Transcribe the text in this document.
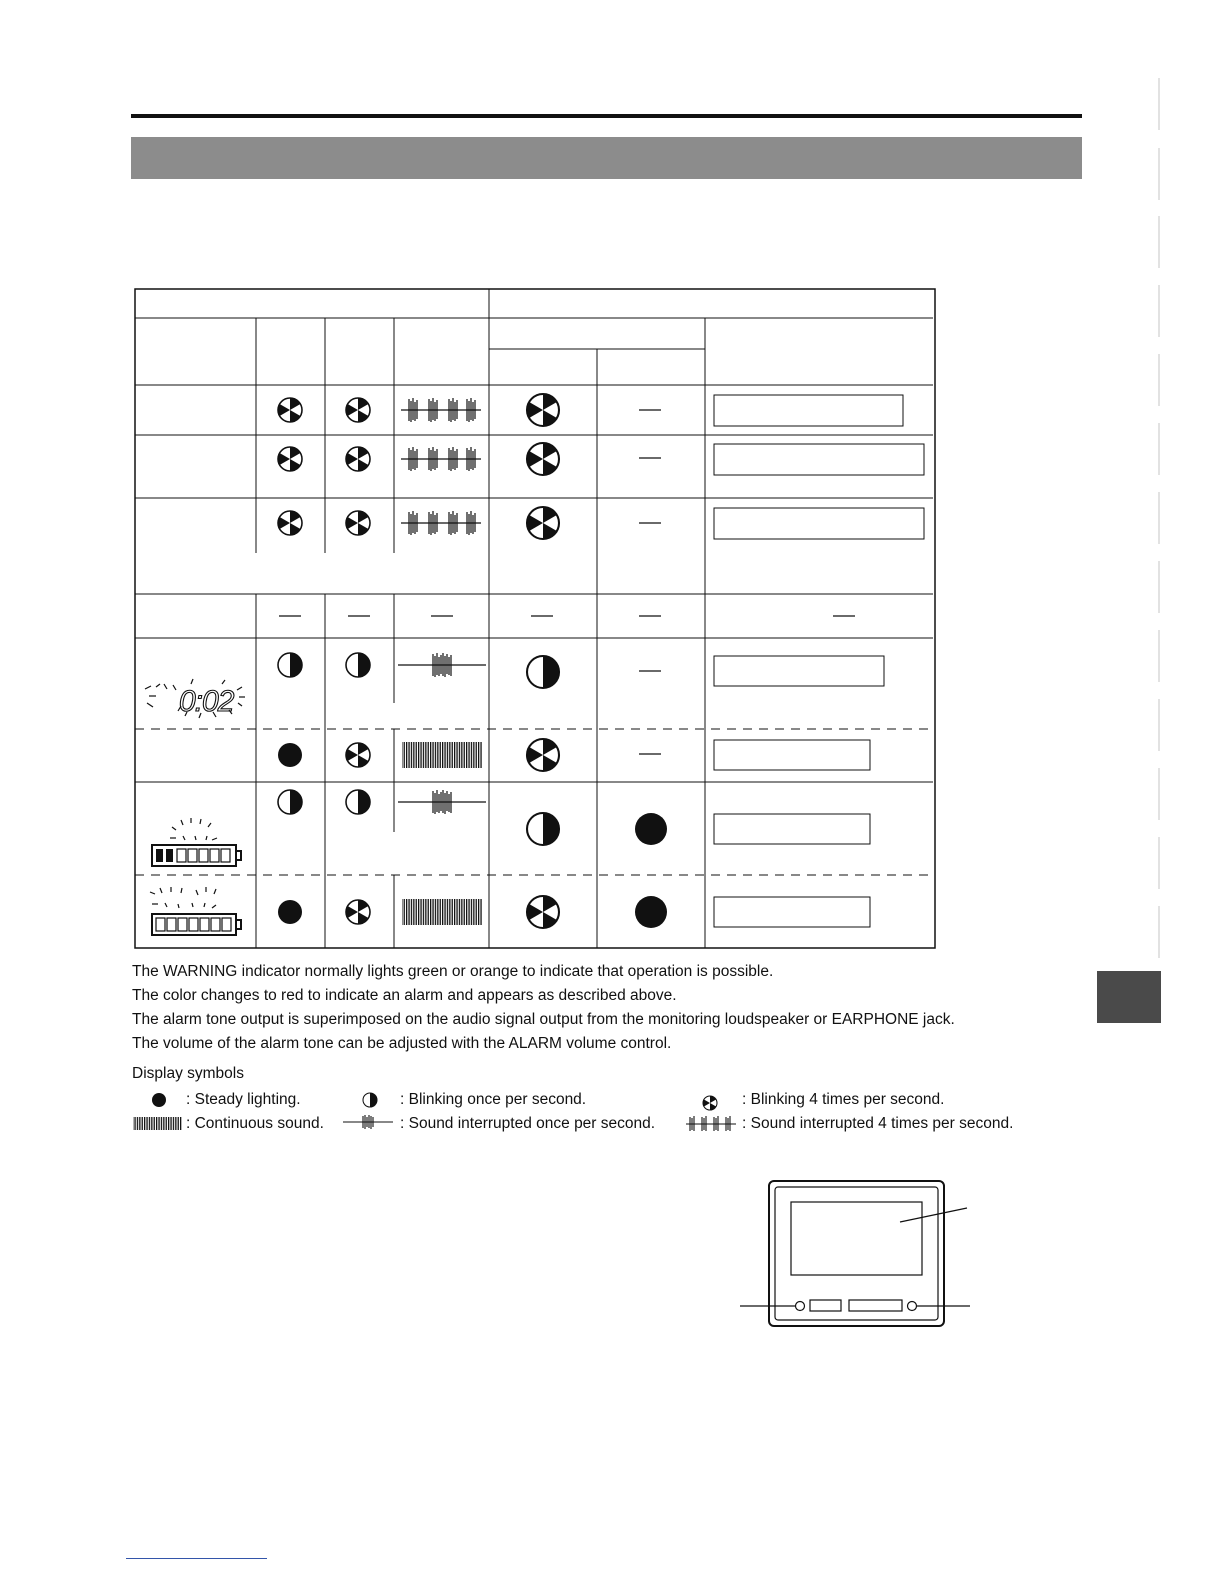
0:02
The WARNING indicator normally lights green or orange to indicate that operation is possible.
The color changes to red to indicate an alarm and appears as described above.
The alarm tone output is superimposed on the audio signal output from the monitoring loudspeaker or EARPHONE jack.
The volume of the alarm tone can be adjusted with the ALARM volume control.
Display symbols
: Steady lighting.	: Blinking once per second.	: Blinking 4 times per second.
: Continuous sound.	: Sound interrupted once per second.	: Sound interrupted 4 times per second.
